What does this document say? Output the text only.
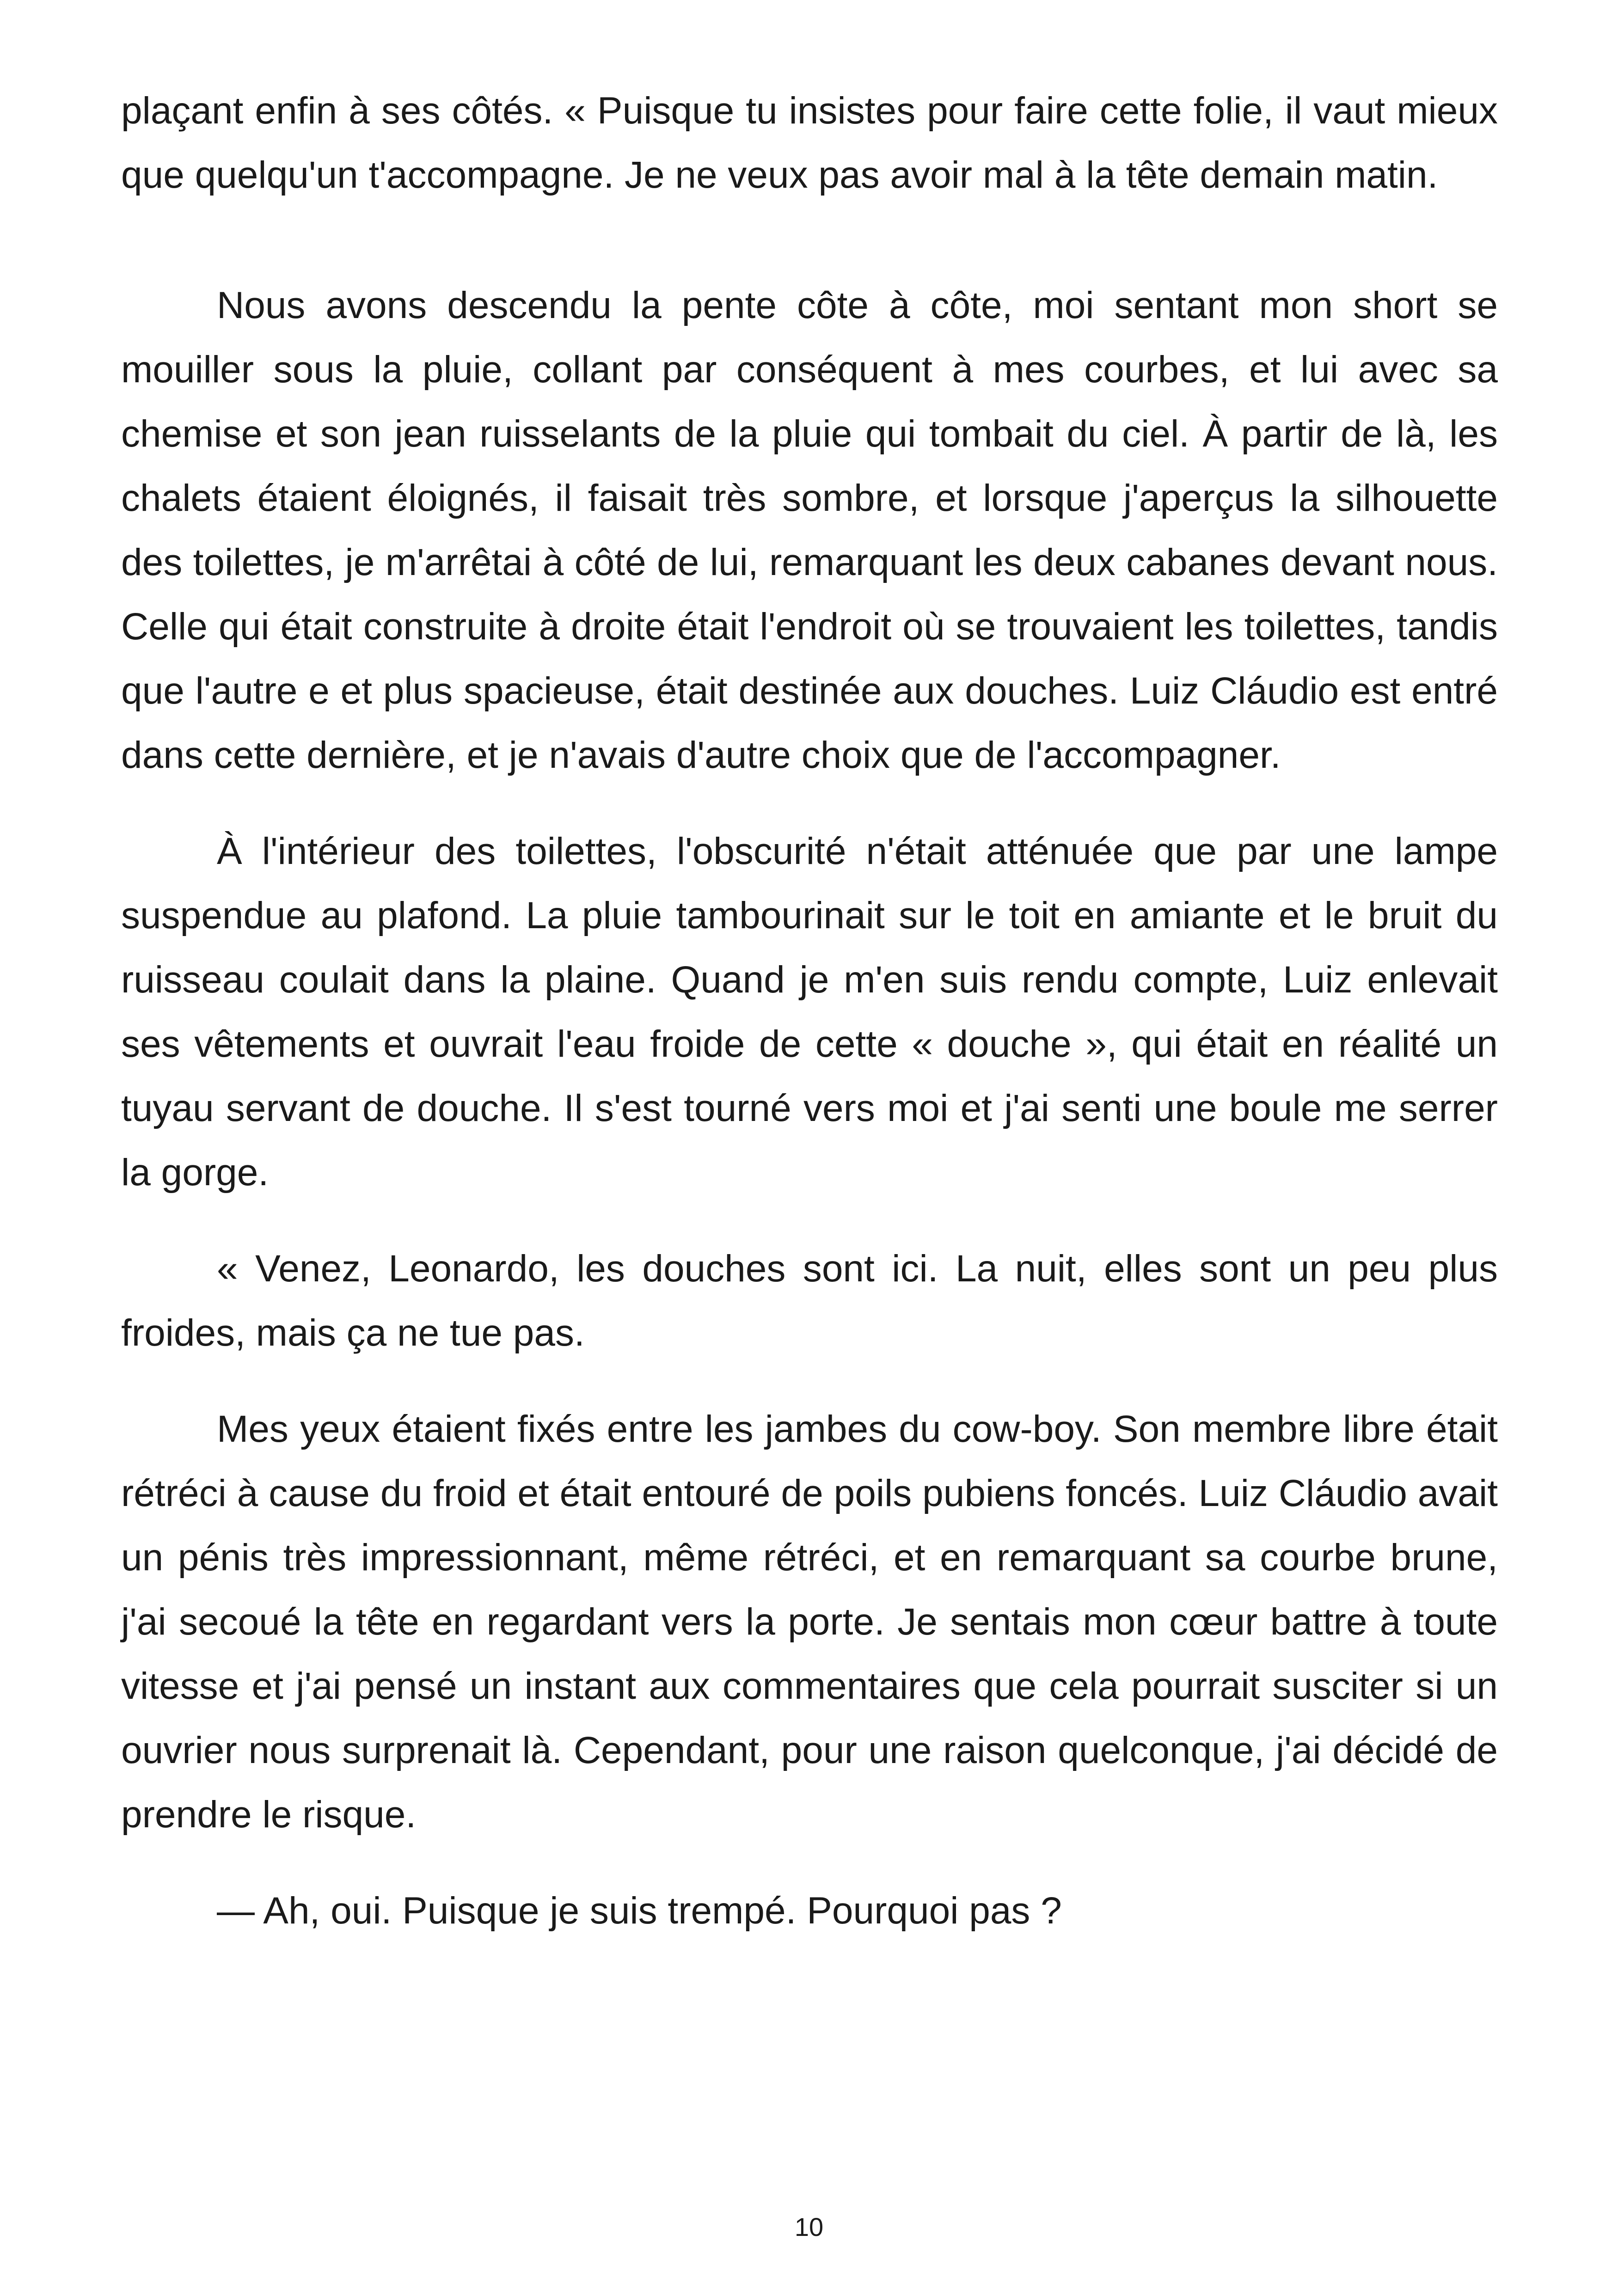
plaçant enfin à ses côtés. « Puisque tu insistes pour faire cette folie, il vaut mieux que quelqu'un t'accompagne. Je ne veux pas avoir mal à la tête demain matin.

Nous avons descendu la pente côte à côte, moi sentant mon short se mouiller sous la pluie, collant par conséquent à mes courbes, et lui avec sa chemise et son jean ruisselants de la pluie qui tombait du ciel. À partir de là, les chalets étaient éloignés, il faisait très sombre, et lorsque j'aperçus la silhouette des toilettes, je m'arrêtai à côté de lui, remarquant les deux cabanes devant nous. Celle qui était construite à droite était l'endroit où se trouvaient les toilettes, tandis que l'autre e et plus spacieuse, était destinée aux douches. Luiz Cláudio est entré dans cette dernière, et je n'avais d'autre choix que de l'accompagner.

À l'intérieur des toilettes, l'obscurité n'était atténuée que par une lampe suspendue au plafond. La pluie tambourinait sur le toit en amiante et le bruit du ruisseau coulait dans la plaine. Quand je m'en suis rendu compte, Luiz enlevait ses vêtements et ouvrait l'eau froide de cette « douche », qui était en réalité un tuyau servant de douche. Il s'est tourné vers moi et j'ai senti une boule me serrer la gorge.

« Venez, Leonardo, les douches sont ici. La nuit, elles sont un peu plus froides, mais ça ne tue pas.

Mes yeux étaient fixés entre les jambes du cow-boy. Son membre libre était rétréci à cause du froid et était entouré de poils pubiens foncés. Luiz Cláudio avait un pénis très impressionnant, même rétréci, et en remarquant sa courbe brune, j'ai secoué la tête en regardant vers la porte. Je sentais mon cœur battre à toute vitesse et j'ai pensé un instant aux commentaires que cela pourrait susciter si un ouvrier nous surprenait là. Cependant, pour une raison quelconque, j'ai décidé de prendre le risque.

— Ah, oui. Puisque je suis trempé. Pourquoi pas ?

10
